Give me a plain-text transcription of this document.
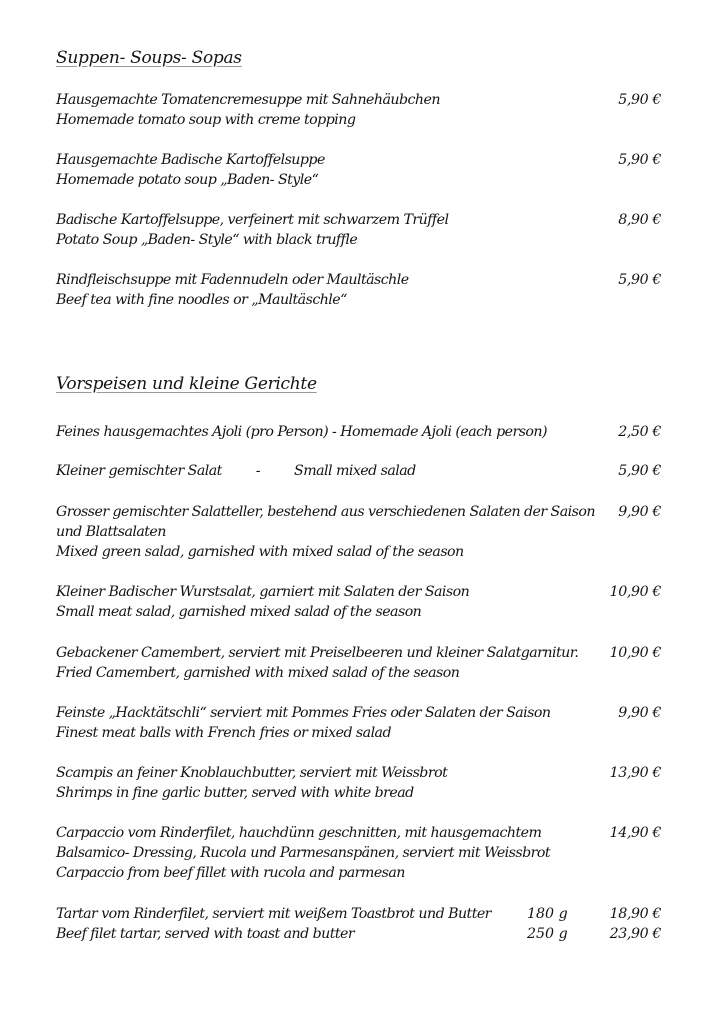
Suppen- Soups- Sopas
Hausgemachte Tomatencremesuppe mit Sahnehäubchen
Homemade tomato soup with creme topping
5,90 €
Hausgemachte Badische Kartoffelsuppe
Homemade potato soup „Baden- Style“
5,90 €
Badische Kartoffelsuppe, verfeinert mit schwarzem Trüffel
Potato Soup „Baden- Style“ with black truffle
8,90 €
Rindfleischsuppe mit Fadennudeln oder Maultäschle
Beef tea with fine noodles or „Maultäschle“
5,90 €
Vorspeisen und kleine Gerichte
Feines hausgemachtes Ajoli (pro Person) - Homemade Ajoli (each person)	2,50 €
Kleiner gemischter Salat - Small mixed salad	5,90 €
Grosser gemischter Salatteller, bestehend aus verschiedenen Salaten der Saison
und Blattsalaten
Mixed green salad, garnished with mixed salad of the season
9,90 €
Kleiner Badischer Wurstsalat, garniert mit Salaten der Saison
Small meat salad, garnished mixed salad of the season
10,90 €
Gebackener Camembert, serviert mit Preiselbeeren und kleiner Salatgarnitur.
Fried Camembert, garnished with mixed salad of the season
10,90 €
Feinste „Hacktätschli“ serviert mit Pommes Fries oder Salaten der Saison
Finest meat balls with French fries or mixed salad
9,90 €
Scampis an feiner Knoblauchbutter, serviert mit Weissbrot
Shrimps in fine garlic butter, served with white bread
13,90 €
Carpaccio vom Rinderfilet, hauchdünn geschnitten, mit hausgemachtem
Balsamico- Dressing, Rucola und Parmesanspänen, serviert mit Weissbrot
Carpaccio from beef fillet with rucola and parmesan
14,90 €
Tartar vom Rinderfilet, serviert mit weißem Toastbrot und Butter
Beef filet tartar, served with toast and butter
180 g
250 g
18,90 €
23,90 €
